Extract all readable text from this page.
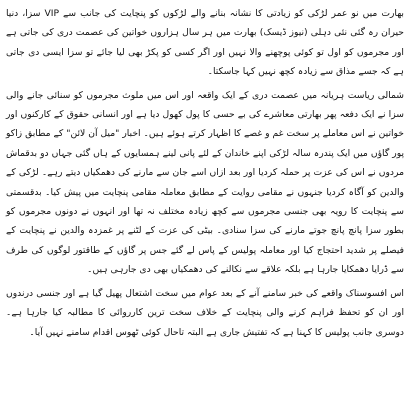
بھارت میں نو عمر لڑکی کو زیادتی کا نشانہ بنانے والے لڑکوں کو پنچایت کی جانب سے VIP سزا، دنیا حیران رہ گئی نئی دہلی (نیوز ڈیسک) بھارت میں ہر سال ہزاروں خواتین کی عصمت دری کی جاتی ہے اور مجرموں کو اول تو کوئی پوچھنے والا نہیں اور اگر کسی کو پکڑ بھی لیا جائے تو سزا ایسی دی جاتی ہے کہ جسے مذاق سے زیادہ کچھ نہیں کہا جاسکتا۔

شمالی ریاست ہریانہ میں عصمت دری کے ایک واقعہ اور اس میں ملوث مجرموں کو سنائی جانے والی سزا نے ایک دفعہ پھر بھارتی معاشرے کی بے حسی کا پول کھول دیا ہے اور انسانی حقوق کے کارکنوں اور خواتین نے اس معاملے پر سخت غم و غصے کا اظہار کرتے ہوئے ہیں۔ اخبار "میل آن لائن" کے مطابق زاکو پور گاؤں میں ایک پندرہ سالہ لڑکی اپنے خاندان کے لئے پانی لینے ہمسایوں کے ہاں گئی جہاں دو بدقماش مردوں نے اس کی عزت پر حملہ کردیا اور بعد ازاں اسے جان سے مارنے کی دھمکیاں دیتے رہے۔ لڑکی کے والدین کو آگاہ کردیا جنہوں نے مقامی روایت کے مطابق معاملہ مقامی پنچایت میں پیش کیا۔ بدقسمتی سے پنچایت کا رویہ بھی جنسی مجرموں سے کچھ زیادہ مختلف نہ تھا اور انہوں نے دونوں مجرموں کو بطور سزا پانچ پانچ جوتے مارنے کی سزا سنادی۔ بیٹی کی عزت کے لٹنے پر غمزدہ والدین نے پنچایت کے فیصلے پر شدید احتجاج کیا اور معاملہ پولیس کے پاس لے گئے جس پر گاؤں کے طاقتور لوگوں کی طرف سے ڈرایا دھمکایا جارہا ہے بلکہ علاقے سے نکالنے کی دھمکیاں بھی دی جارہی ہیں۔

اس افسوسناک واقعے کی خبر سامنے آنے کے بعد عوام میں سخت اشتعال پھیل گیا ہے اور جنسی درندوں اور ان کو تحفظ فراہم کرنے والی پنچایت کے خلاف سخت ترین کارروائی کا مطالبہ کیا جارہا ہے۔ دوسری جانب پولیس کا کہنا ہے کہ تفتیش جاری ہے البتہ تاحال کوئی ٹھوس اقدام سامنے نہیں آیا۔
